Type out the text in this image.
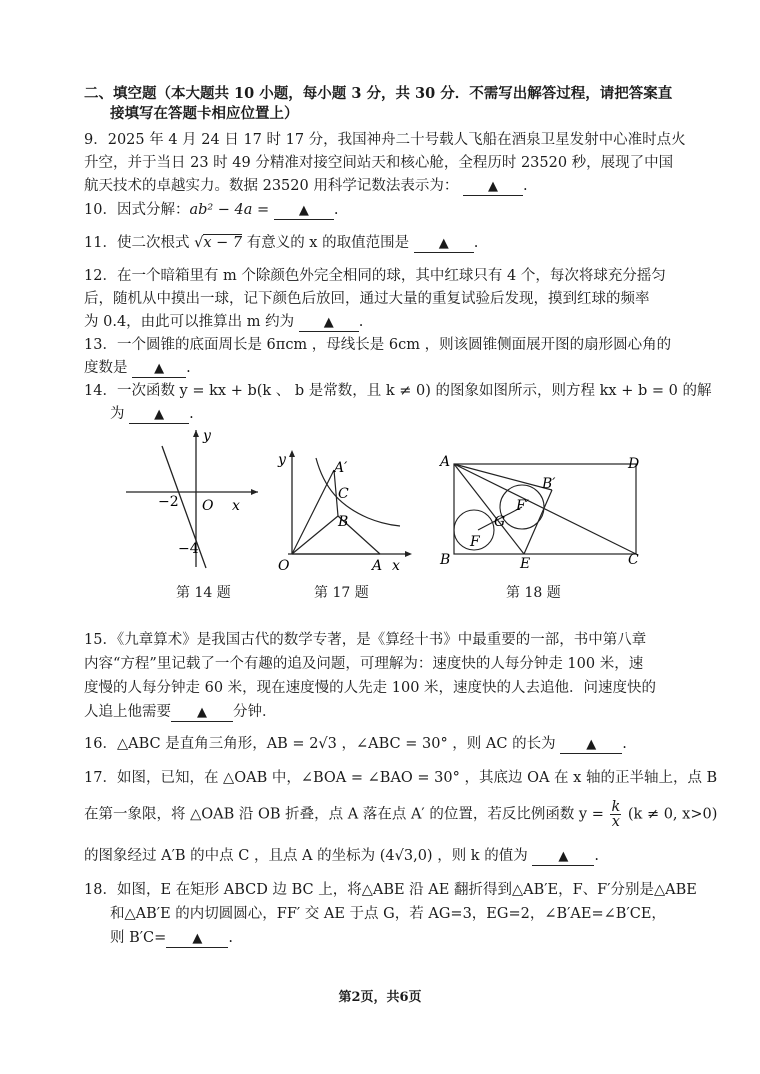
二、填空题（本大题共 10 小题，每小题 3 分，共 30 分．不需写出解答过程，请把答案直
接填写在答题卡相应位置上）
9．2025 年 4 月 24 日 17 时 17 分，我国神舟二十号载人飞船在酒泉卫星发射中心准时点火
升空，并于当日 23 时 49 分精准对接空间站天和核心舱，全程历时 23520 秒，展现了中国
航天技术的卓越实力。数据 23520 用科学记数法表示为： ▲ .
10．因式分解：ab² − 4a = ▲ .
11．使二次根式 √x − 7 有意义的 x 的取值范围是 ▲ .
12．在一个暗箱里有 m 个除颜色外完全相同的球，其中红球只有 4 个，每次将球充分摇匀
后，随机从中摸出一球，记下颜色后放回，通过大量的重复试验后发现，摸到红球的频率
为 0.4，由此可以推算出 m 约为 ▲ .
13．一个圆锥的底面周长是 6πcm ，母线长是 6cm ，则该圆锥侧面展开图的扇形圆心角的
度数是 ▲ .
14．一次函数 y = kx + b(k 、 b 是常数，且 k ≠ 0) 的图象如图所示，则方程 kx + b = 0 的解
为 ▲ .
y
x
O
−2
−4
第 14 题
y
x
O	A
A′
C
B
第 17 题
A	D
B	C
E
F
F′
G
B′
第 18 题
15．《九章算术》是我国古代的数学专著，是《算经十书》中最重要的一部，书中第八章
内容“方程”里记载了一个有趣的追及问题，可理解为：速度快的人每分钟走 100 米，速
度慢的人每分钟走 60 米，现在速度慢的人先走 100 米，速度快的人去追他．问速度快的
人追上他需要 ▲ 分钟．
16．△ABC 是直角三角形，AB = 2√3 ，∠ABC = 30° ，则 AC 的长为 ▲ .
17．如图，已知，在 △OAB 中，∠BOA = ∠BAO = 30° ，其底边 OA 在 x 轴的正半轴上，点 B
在第一象限，将 △OAB 沿 OB 折叠，点 A 落在点 A′ 的位置，若反比例函数 $y = \frac{k}{x} (k \ne 0$, x>0)
的图象经过 A′B 的中点 C ，且点 A 的坐标为 (4√3,0) ，则 k 的值为 ▲ .
18．如图，E 在矩形 ABCD 边 BC 上，将△ABE 沿 AE 翻折得到△AB′E，F、F′分别是△ABE
和△AB′E 的内切圆圆心，FF′ 交 AE 于点 G，若 AG=3，EG=2，∠B′AE=∠B′CE，
则 B′C= ▲ .
第2页，共6页
